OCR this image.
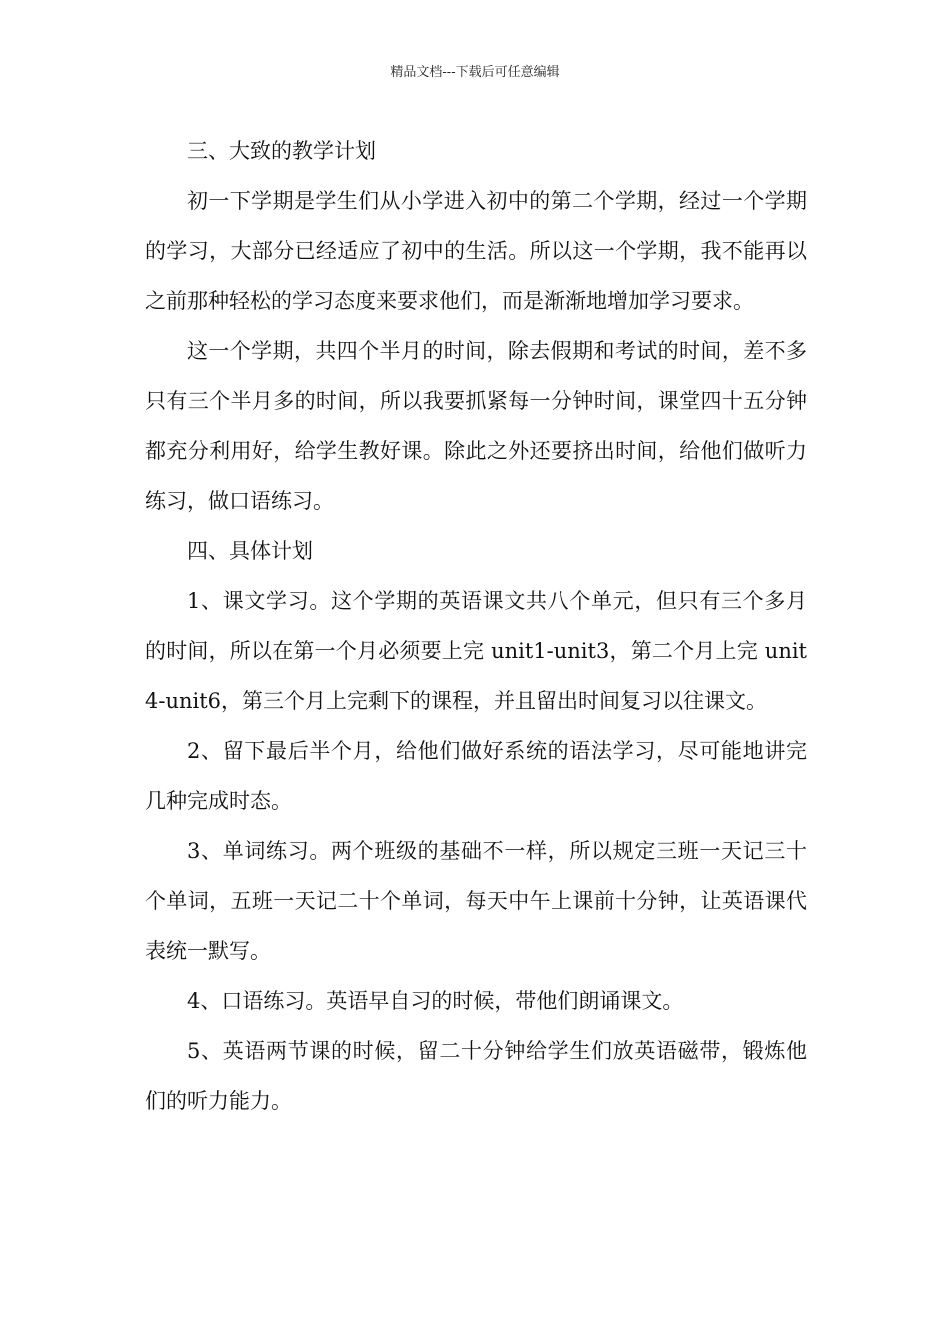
精品文档---下载后可任意编辑

三、大致的教学计划

初一下学期是学生们从小学进入初中的第二个学期，经过一个学期的学习，大部分已经适应了初中的生活。所以这一个学期，我不能再以之前那种轻松的学习态度来要求他们，而是渐渐地增加学习要求。

这一个学期，共四个半月的时间，除去假期和考试的时间，差不多只有三个半月多的时间，所以我要抓紧每一分钟时间，课堂四十五分钟都充分利用好，给学生教好课。除此之外还要挤出时间，给他们做听力练习，做口语练习。

四、具体计划

1、课文学习。这个学期的英语课文共八个单元，但只有三个多月的时间，所以在第一个月必须要上完 unit1-unit3，第二个月上完 unit4-unit6，第三个月上完剩下的课程，并且留出时间复习以往课文。

2、留下最后半个月，给他们做好系统的语法学习，尽可能地讲完几种完成时态。

3、单词练习。两个班级的基础不一样，所以规定三班一天记三十个单词，五班一天记二十个单词，每天中午上课前十分钟，让英语课代表统一默写。

4、口语练习。英语早自习的时候，带他们朗诵课文。

5、英语两节课的时候，留二十分钟给学生们放英语磁带，锻炼他们的听力能力。
